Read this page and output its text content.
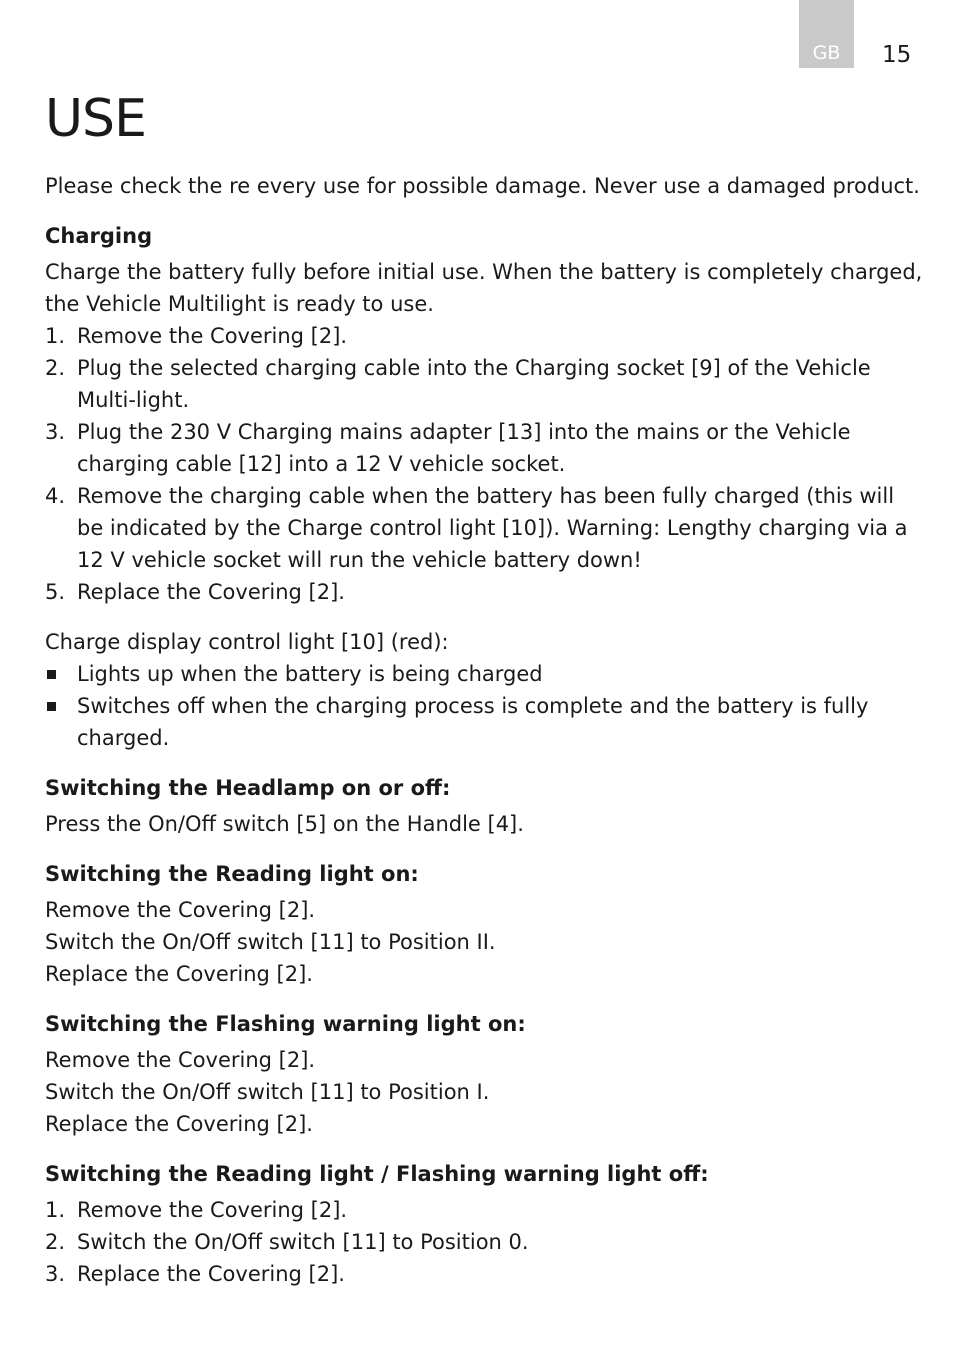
GB	15
USE

Please check the re every use for possible damage. Never use a damaged product.

Charging

Charge the battery fully before initial use. When the battery is completely charged, the Vehicle Multilight is ready to use.

1. Remove the Covering [2].
2. Plug the selected charging cable into the Charging socket [9] of the Vehicle Multi-light.
3. Plug the 230 V Charging mains adapter [13] into the mains or the Vehicle charging cable [12] into a 12 V vehicle socket.
4. Remove the charging cable when the battery has been fully charged (this will be indicated by the Charge control light [10]). Warning: Lengthy charging via a 12 V vehicle socket will run the vehicle battery down!
5. Replace the Covering [2].

Charge display control light [10] (red):

Lights up when the battery is being charged
Switches off when the charging process is complete and the battery is fully charged.
Switching the Headlamp on or off:

Press the On/Off switch [5] on the Handle [4].

Switching the Reading light on:

Remove the Covering [2].

Switch the On/Off switch [11] to Position II.

Replace the Covering [2].

Switching the Flashing warning light on:

Remove the Covering [2].

Switch the On/Off switch [11] to Position I.

Replace the Covering [2].

Switching the Reading light / Flashing warning light off:
1. Remove the Covering [2].
2. Switch the On/Off switch [11] to Position 0.
3. Replace the Covering [2].
